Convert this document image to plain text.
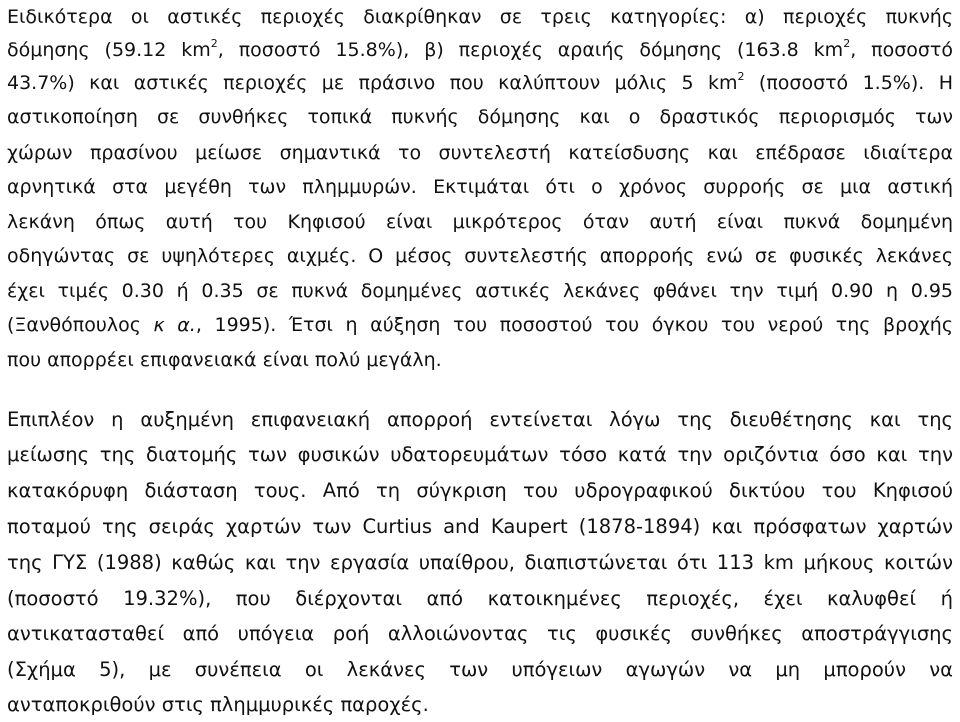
Ειδικότερα οι αστικές περιοχές διακρίθηκαν σε τρεις κατηγορίες: α) περιοχές πυκνής
δόμησης (59.12 $km^2$, ποσοστό 15.8%), β) περιοχές αραιής δόμησης (163.8 $km^2$, ποσοστό
43.7%) και αστικές περιοχές με πράσινο που καλύπτουν μόλις 5 $km^2$ (ποσοστό 1.5%). Η
αστικοποίηση σε συνθήκες τοπικά πυκνής δόμησης και ο δραστικός περιορισμός των
χώρων πρασίνου μείωσε σημαντικά το συντελεστή κατείσδυσης και επέδρασε ιδιαίτερα
αρνητικά στα μεγέθη των πλημμυρών. Εκτιμάται ότι ο χρόνος συρροής σε μια αστική
λεκάνη όπως αυτή του Κηφισού είναι μικρότερος όταν αυτή είναι πυκνά δομημένη
οδηγώντας σε υψηλότερες αιχμές. Ο μέσος συντελεστής απορροής ενώ σε φυσικές λεκάνες
έχει τιμές 0.30 ή 0.35 σε πυκνά δομημένες αστικές λεκάνες φθάνει την τιμή 0.90 η 0.95
(Ξανθόπουλος κ α., 1995). Έτσι η αύξηση του ποσοστού του όγκου του νερού της βροχής
που απορρέει επιφανειακά είναι πολύ μεγάλη.
Επιπλέον η αυξημένη επιφανειακή απορροή εντείνεται λόγω της διευθέτησης και της
μείωσης της διατομής των φυσικών υδατορευμάτων τόσο κατά την οριζόντια όσο και την
κατακόρυφη διάσταση τους. Από τη σύγκριση του υδρογραφικού δικτύου του Κηφισού
ποταμού της σειράς χαρτών των Curtius and Kaupert (1878-1894) και πρόσφατων χαρτών
της ΓΥΣ (1988) καθώς και την εργασία υπαίθρου, διαπιστώνεται ότι 113 km μήκους κοιτών
(ποσοστό 19.32%), που διέρχονται από κατοικημένες περιοχές, έχει καλυφθεί ή
αντικατασταθεί από υπόγεια ροή αλλοιώνοντας τις φυσικές συνθήκες αποστράγγισης
(Σχήμα 5), με συνέπεια οι λεκάνες των υπόγειων αγωγών να μη μπορούν να
ανταποκριθούν στις πλημμυρικές παροχές.
